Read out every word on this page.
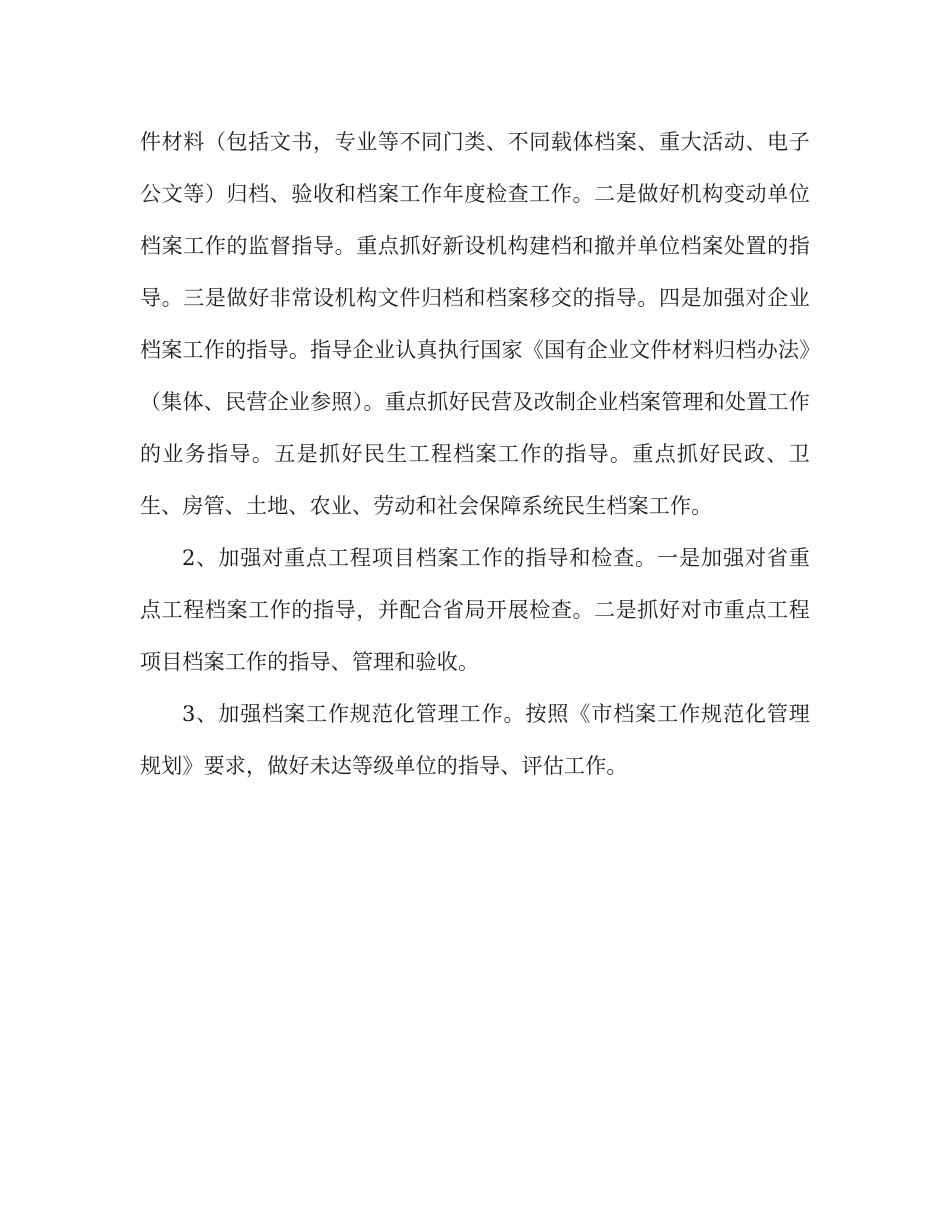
件材料（包括文书，专业等不同门类、不同载体档案、重大活动、电子公文等）归档、验收和档案工作年度检查工作。二是做好机构变动单位档案工作的监督指导。重点抓好新设机构建档和撤并单位档案处置的指导。三是做好非常设机构文件归档和档案移交的指导。四是加强对企业档案工作的指导。指导企业认真执行国家《国有企业文件材料归档办法》（集体、民营企业参照）。重点抓好民营及改制企业档案管理和处置工作的业务指导。五是抓好民生工程档案工作的指导。重点抓好民政、卫生、房管、土地、农业、劳动和社会保障系统民生档案工作。

2、加强对重点工程项目档案工作的指导和检查。一是加强对省重点工程档案工作的指导，并配合省局开展检查。二是抓好对市重点工程项目档案工作的指导、管理和验收。

3、加强档案工作规范化管理工作。按照《市档案工作规范化管理规划》要求，做好未达等级单位的指导、评估工作。
